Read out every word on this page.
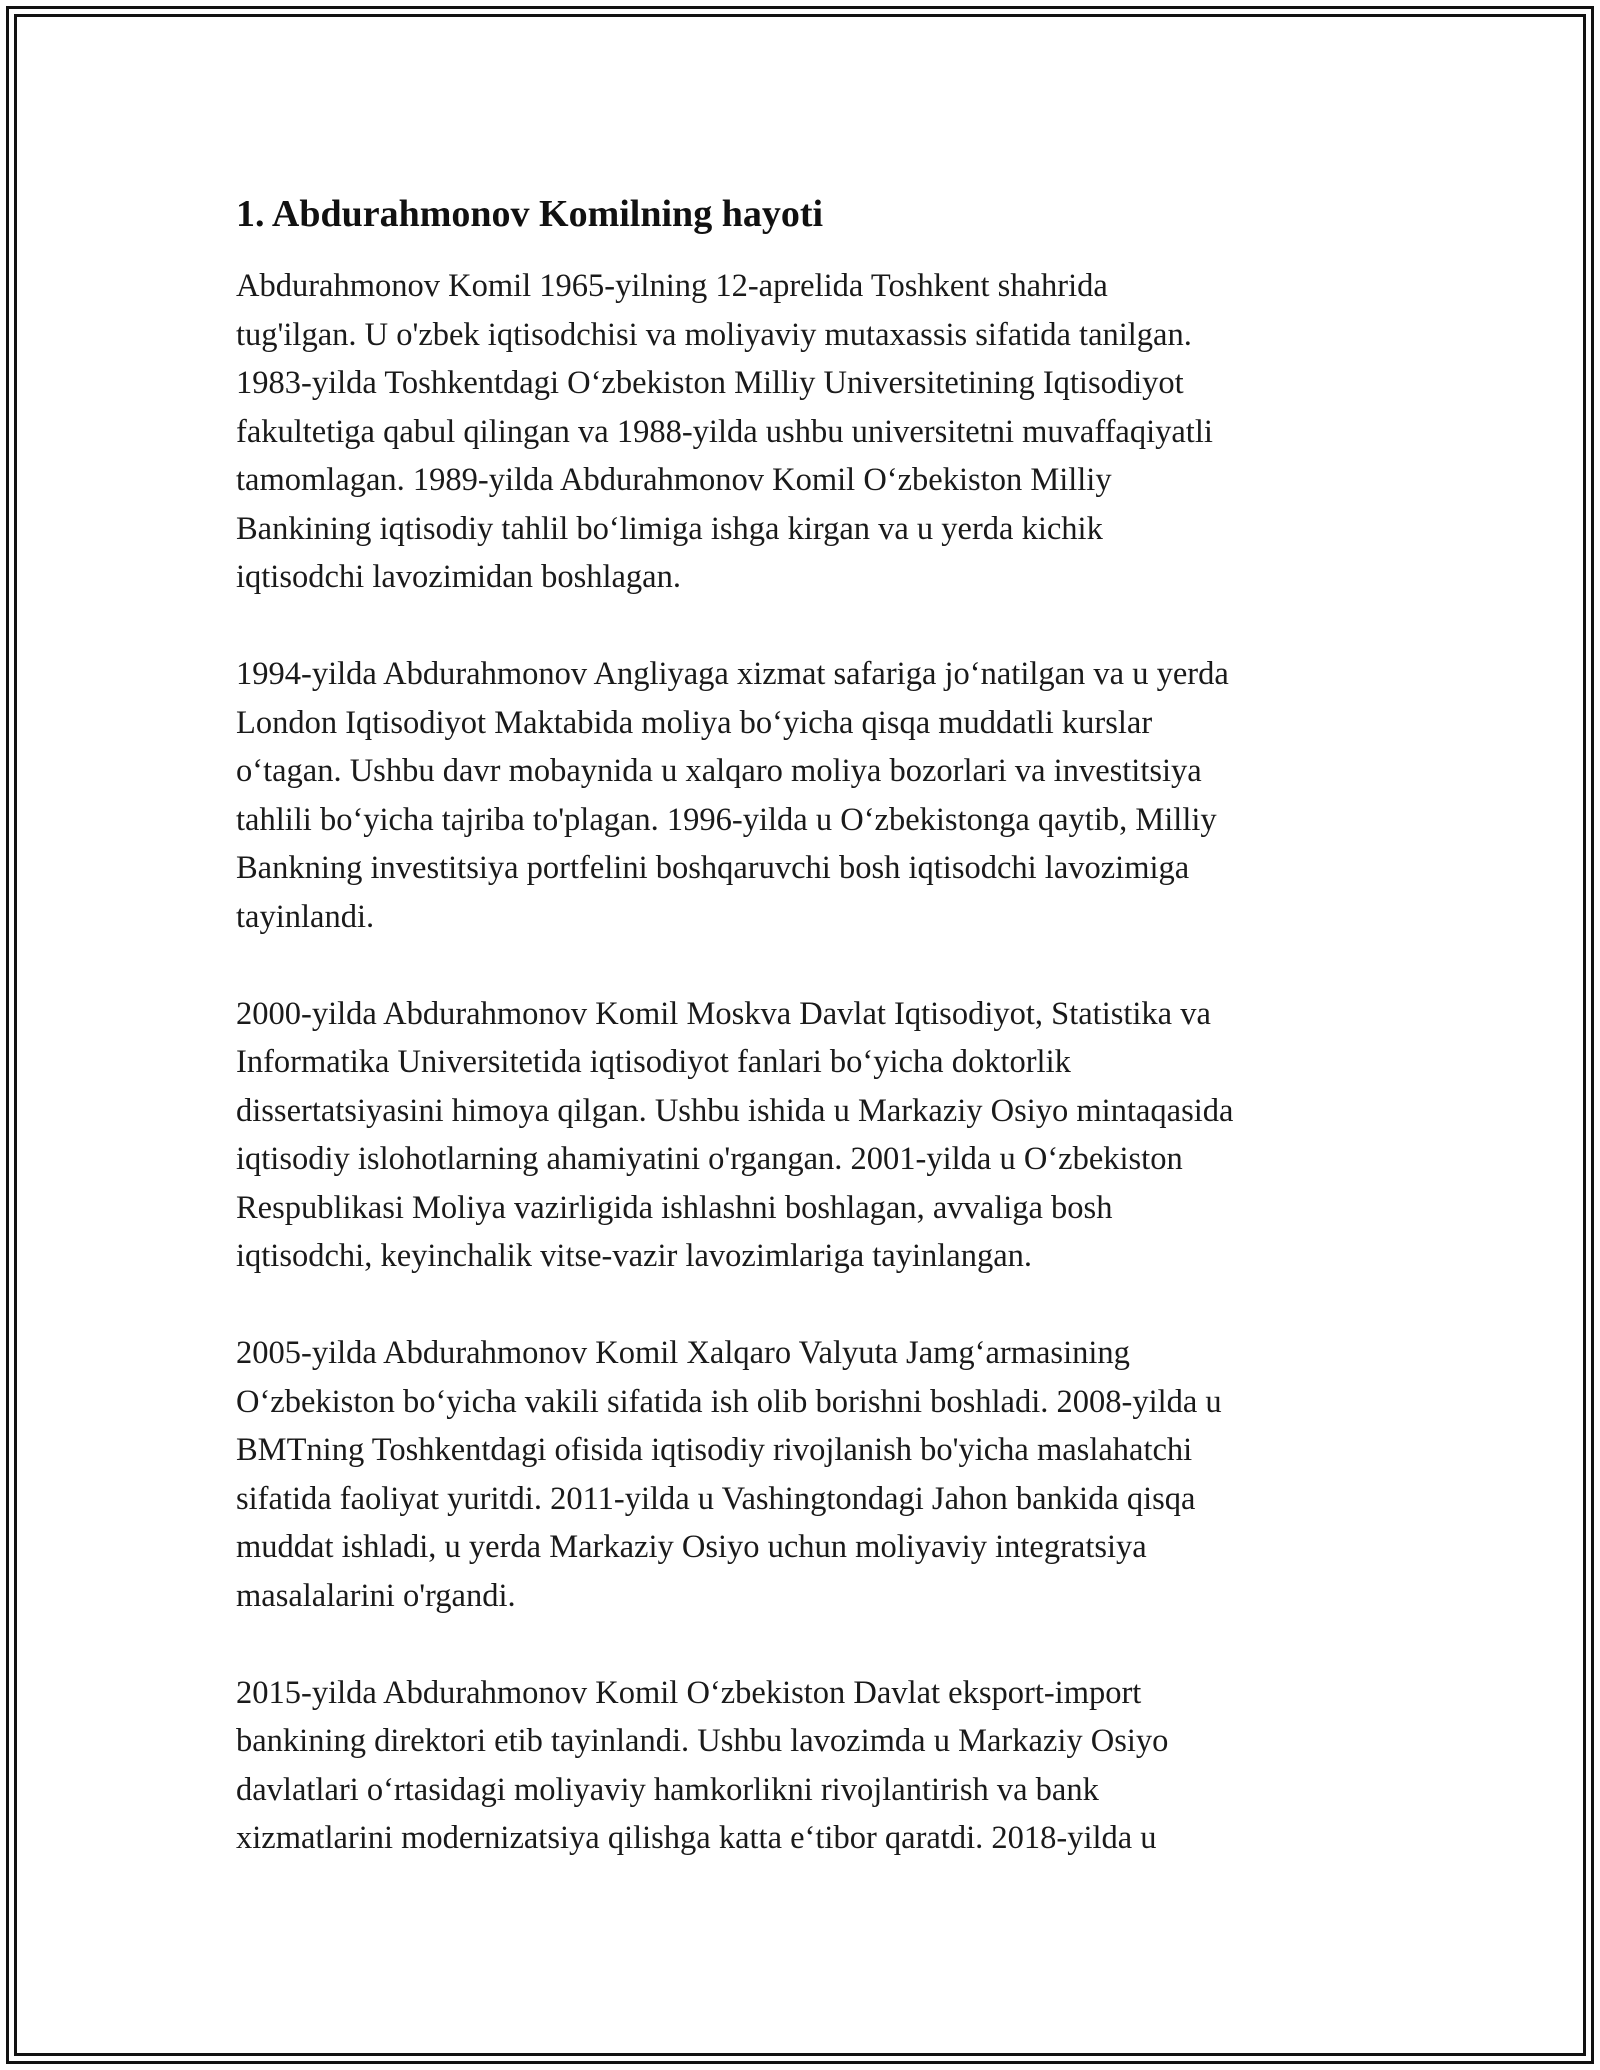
1. Abdurahmonov Komilning hayoti
Abdurahmonov Komil 1965-yilning 12-aprelida Toshkent shahrida
tug'ilgan. U o'zbek iqtisodchisi va moliyaviy mutaxassis sifatida tanilgan.
1983-yilda Toshkentdagi O‘zbekiston Milliy Universitetining Iqtisodiyot
fakultetiga qabul qilingan va 1988-yilda ushbu universitetni muvaffaqiyatli
tamomlagan. 1989-yilda Abdurahmonov Komil O‘zbekiston Milliy
Bankining iqtisodiy tahlil bo‘limiga ishga kirgan va u yerda kichik
iqtisodchi lavozimidan boshlagan.
1994-yilda Abdurahmonov Angliyaga xizmat safariga jo‘natilgan va u yerda
London Iqtisodiyot Maktabida moliya bo‘yicha qisqa muddatli kurslar
o‘tagan. Ushbu davr mobaynida u xalqaro moliya bozorlari va investitsiya
tahlili bo‘yicha tajriba to'plagan. 1996-yilda u O‘zbekistonga qaytib, Milliy
Bankning investitsiya portfelini boshqaruvchi bosh iqtisodchi lavozimiga
tayinlandi.
2000-yilda Abdurahmonov Komil Moskva Davlat Iqtisodiyot, Statistika va
Informatika Universitetida iqtisodiyot fanlari bo‘yicha doktorlik
dissertatsiyasini himoya qilgan. Ushbu ishida u Markaziy Osiyo mintaqasida
iqtisodiy islohotlarning ahamiyatini o'rgangan. 2001-yilda u O‘zbekiston
Respublikasi Moliya vazirligida ishlashni boshlagan, avvaliga bosh
iqtisodchi, keyinchalik vitse-vazir lavozimlariga tayinlangan.
2005-yilda Abdurahmonov Komil Xalqaro Valyuta Jamg‘armasining
O‘zbekiston bo‘yicha vakili sifatida ish olib borishni boshladi. 2008-yilda u
BMTning Toshkentdagi ofisida iqtisodiy rivojlanish bo'yicha maslahatchi
sifatida faoliyat yuritdi. 2011-yilda u Vashingtondagi Jahon bankida qisqa
muddat ishladi, u yerda Markaziy Osiyo uchun moliyaviy integratsiya
masalalarini o'rgandi.
2015-yilda Abdurahmonov Komil O‘zbekiston Davlat eksport-import
bankining direktori etib tayinlandi. Ushbu lavozimda u Markaziy Osiyo
davlatlari o‘rtasidagi moliyaviy hamkorlikni rivojlantirish va bank
xizmatlarini modernizatsiya qilishga katta e‘tibor qaratdi. 2018-yilda u
